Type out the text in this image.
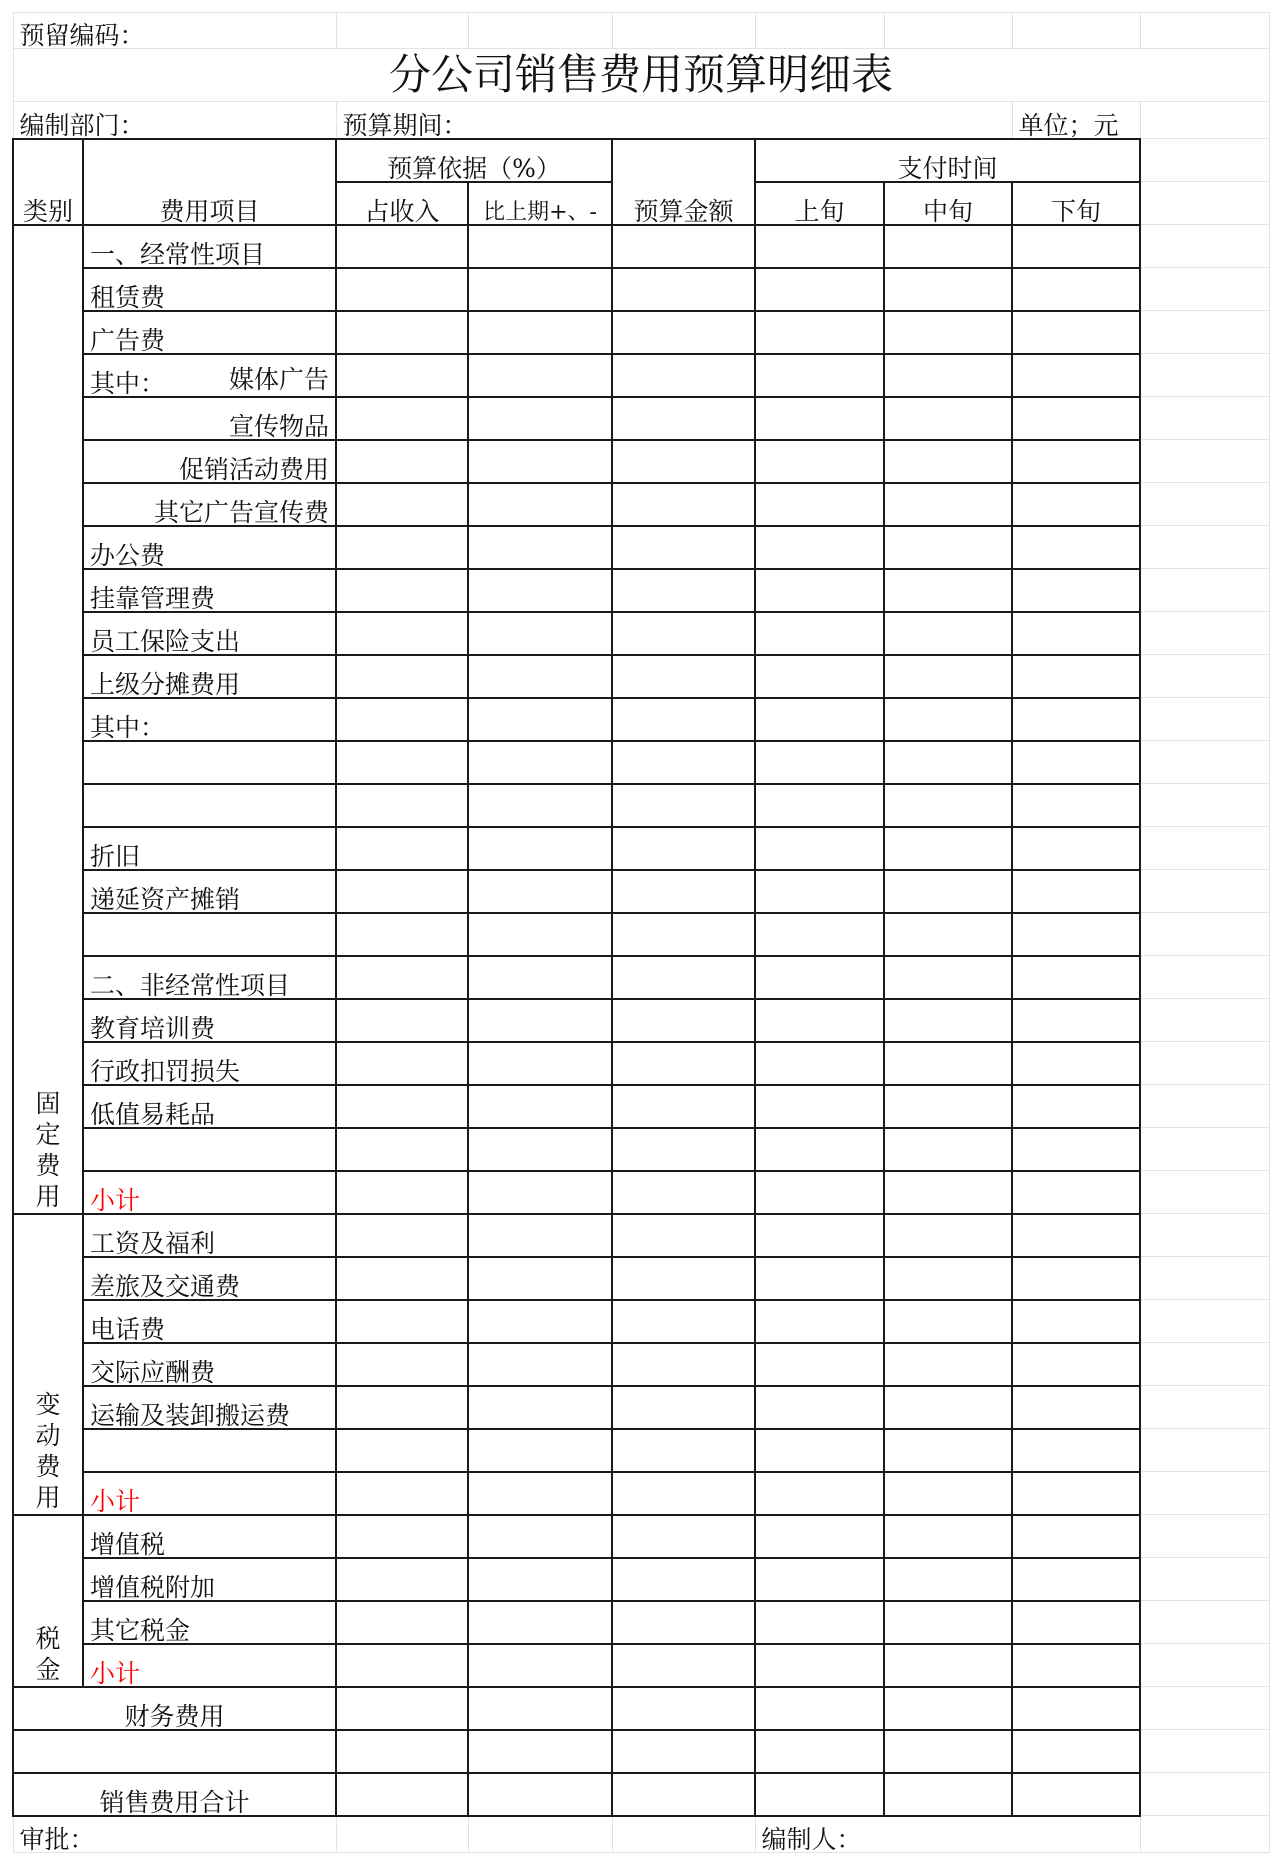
预留编码：								
分公司销售费用预算明细表								
编制部门：		预算期间：					单位；元	
类别	费用项目	预算依据（%）		预算金额	支付时间			
		占收入	比上期+、-		上旬	中旬	下旬	
固定费用	一、经常性项目							
	租赁费							
	广告费							
	其中： 媒体广告							

	宣传物品							
	促销活动费用							
	其它广告宣传费							
	办公费							
	挂靠管理费							
	员工保险支出							
	上级分摊费用							
	其中：							

	折旧							
	递延资产摊销							

	二、非经常性项目							
	教育培训费							
	行政扣罚损失							
	低值易耗品							

	小计							
变动费用	工资及福利							
	差旅及交通费							
	电话费							
	交际应酬费							
	运输及装卸搬运费							

	小计							
税金	增值税							
	增值税附加							
	其它税金							
	小计							
财务费用								

销售费用合计								
审批：					编制人：			
